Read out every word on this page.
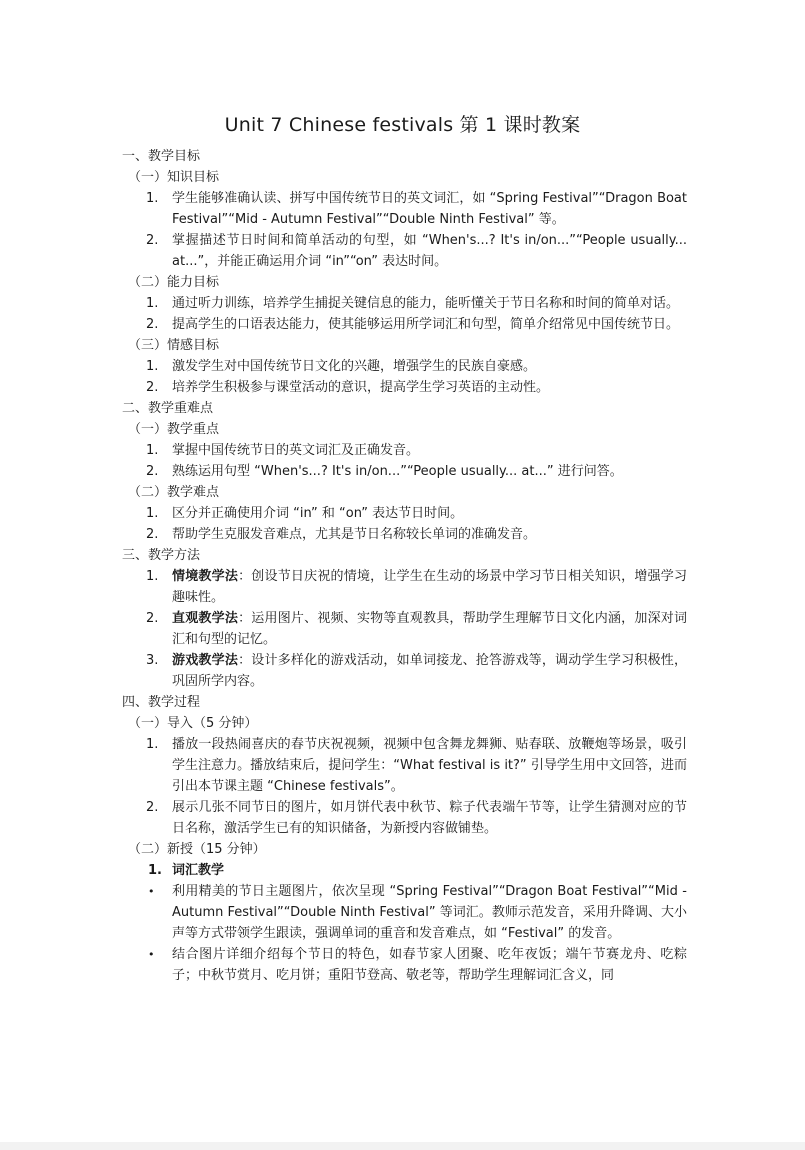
Unit 7 Chinese festivals 第 1 课时教案

一、教学目标

（一）知识目标

1. 学生能够准确认读、拼写中国传统节日的英文词汇，如 “Spring Festival”“Dragon Boat Festival”“Mid - Autumn Festival”“Double Ninth Festival” 等。

2. 掌握描述节日时间和简单活动的句型，如 “When's...? It's in/on...”“People usually... at...”，并能正确运用介词 “in”“on” 表达时间。

（二）能力目标

1. 通过听力训练，培养学生捕捉关键信息的能力，能听懂关于节日名称和时间的简单对话。

2. 提高学生的口语表达能力，使其能够运用所学词汇和句型，简单介绍常见中国传统节日。

（三）情感目标

1. 激发学生对中国传统节日文化的兴趣，增强学生的民族自豪感。

2. 培养学生积极参与课堂活动的意识，提高学生学习英语的主动性。

二、教学重难点

（一）教学重点

1. 掌握中国传统节日的英文词汇及正确发音。

2. 熟练运用句型 “When's...? It's in/on...”“People usually... at...” 进行问答。

（二）教学难点

1. 区分并正确使用介词 “in” 和 “on” 表达节日时间。

2. 帮助学生克服发音难点，尤其是节日名称较长单词的准确发音。

三、教学方法

1. 情境教学法：创设节日庆祝的情境，让学生在生动的场景中学习节日相关知识，增强学习趣味性。

2. 直观教学法：运用图片、视频、实物等直观教具，帮助学生理解节日文化内涵，加深对词汇和句型的记忆。

3. 游戏教学法：设计多样化的游戏活动，如单词接龙、抢答游戏等，调动学生学习积极性，巩固所学内容。

四、教学过程

（一）导入（5 分钟）

1. 播放一段热闹喜庆的春节庆祝视频，视频中包含舞龙舞狮、贴春联、放鞭炮等场景，吸引学生注意力。播放结束后，提问学生：“What festival is it?” 引导学生用中文回答，进而引出本节课主题 “Chinese festivals”。

2. 展示几张不同节日的图片，如月饼代表中秋节、粽子代表端午节等，让学生猜测对应的节日名称，激活学生已有的知识储备，为新授内容做铺垫。

（二）新授（15 分钟）

1. 词汇教学

• 利用精美的节日主题图片，依次呈现 “Spring Festival”“Dragon Boat Festival”“Mid - Autumn Festival”“Double Ninth Festival” 等词汇。教师示范发音，采用升降调、大小声等方式带领学生跟读，强调单词的重音和发音难点，如 “Festival” 的发音。

• 结合图片详细介绍每个节日的特色，如春节家人团聚、吃年夜饭；端午节赛龙舟、吃粽子；中秋节赏月、吃月饼；重阳节登高、敬老等，帮助学生理解词汇含义，同
